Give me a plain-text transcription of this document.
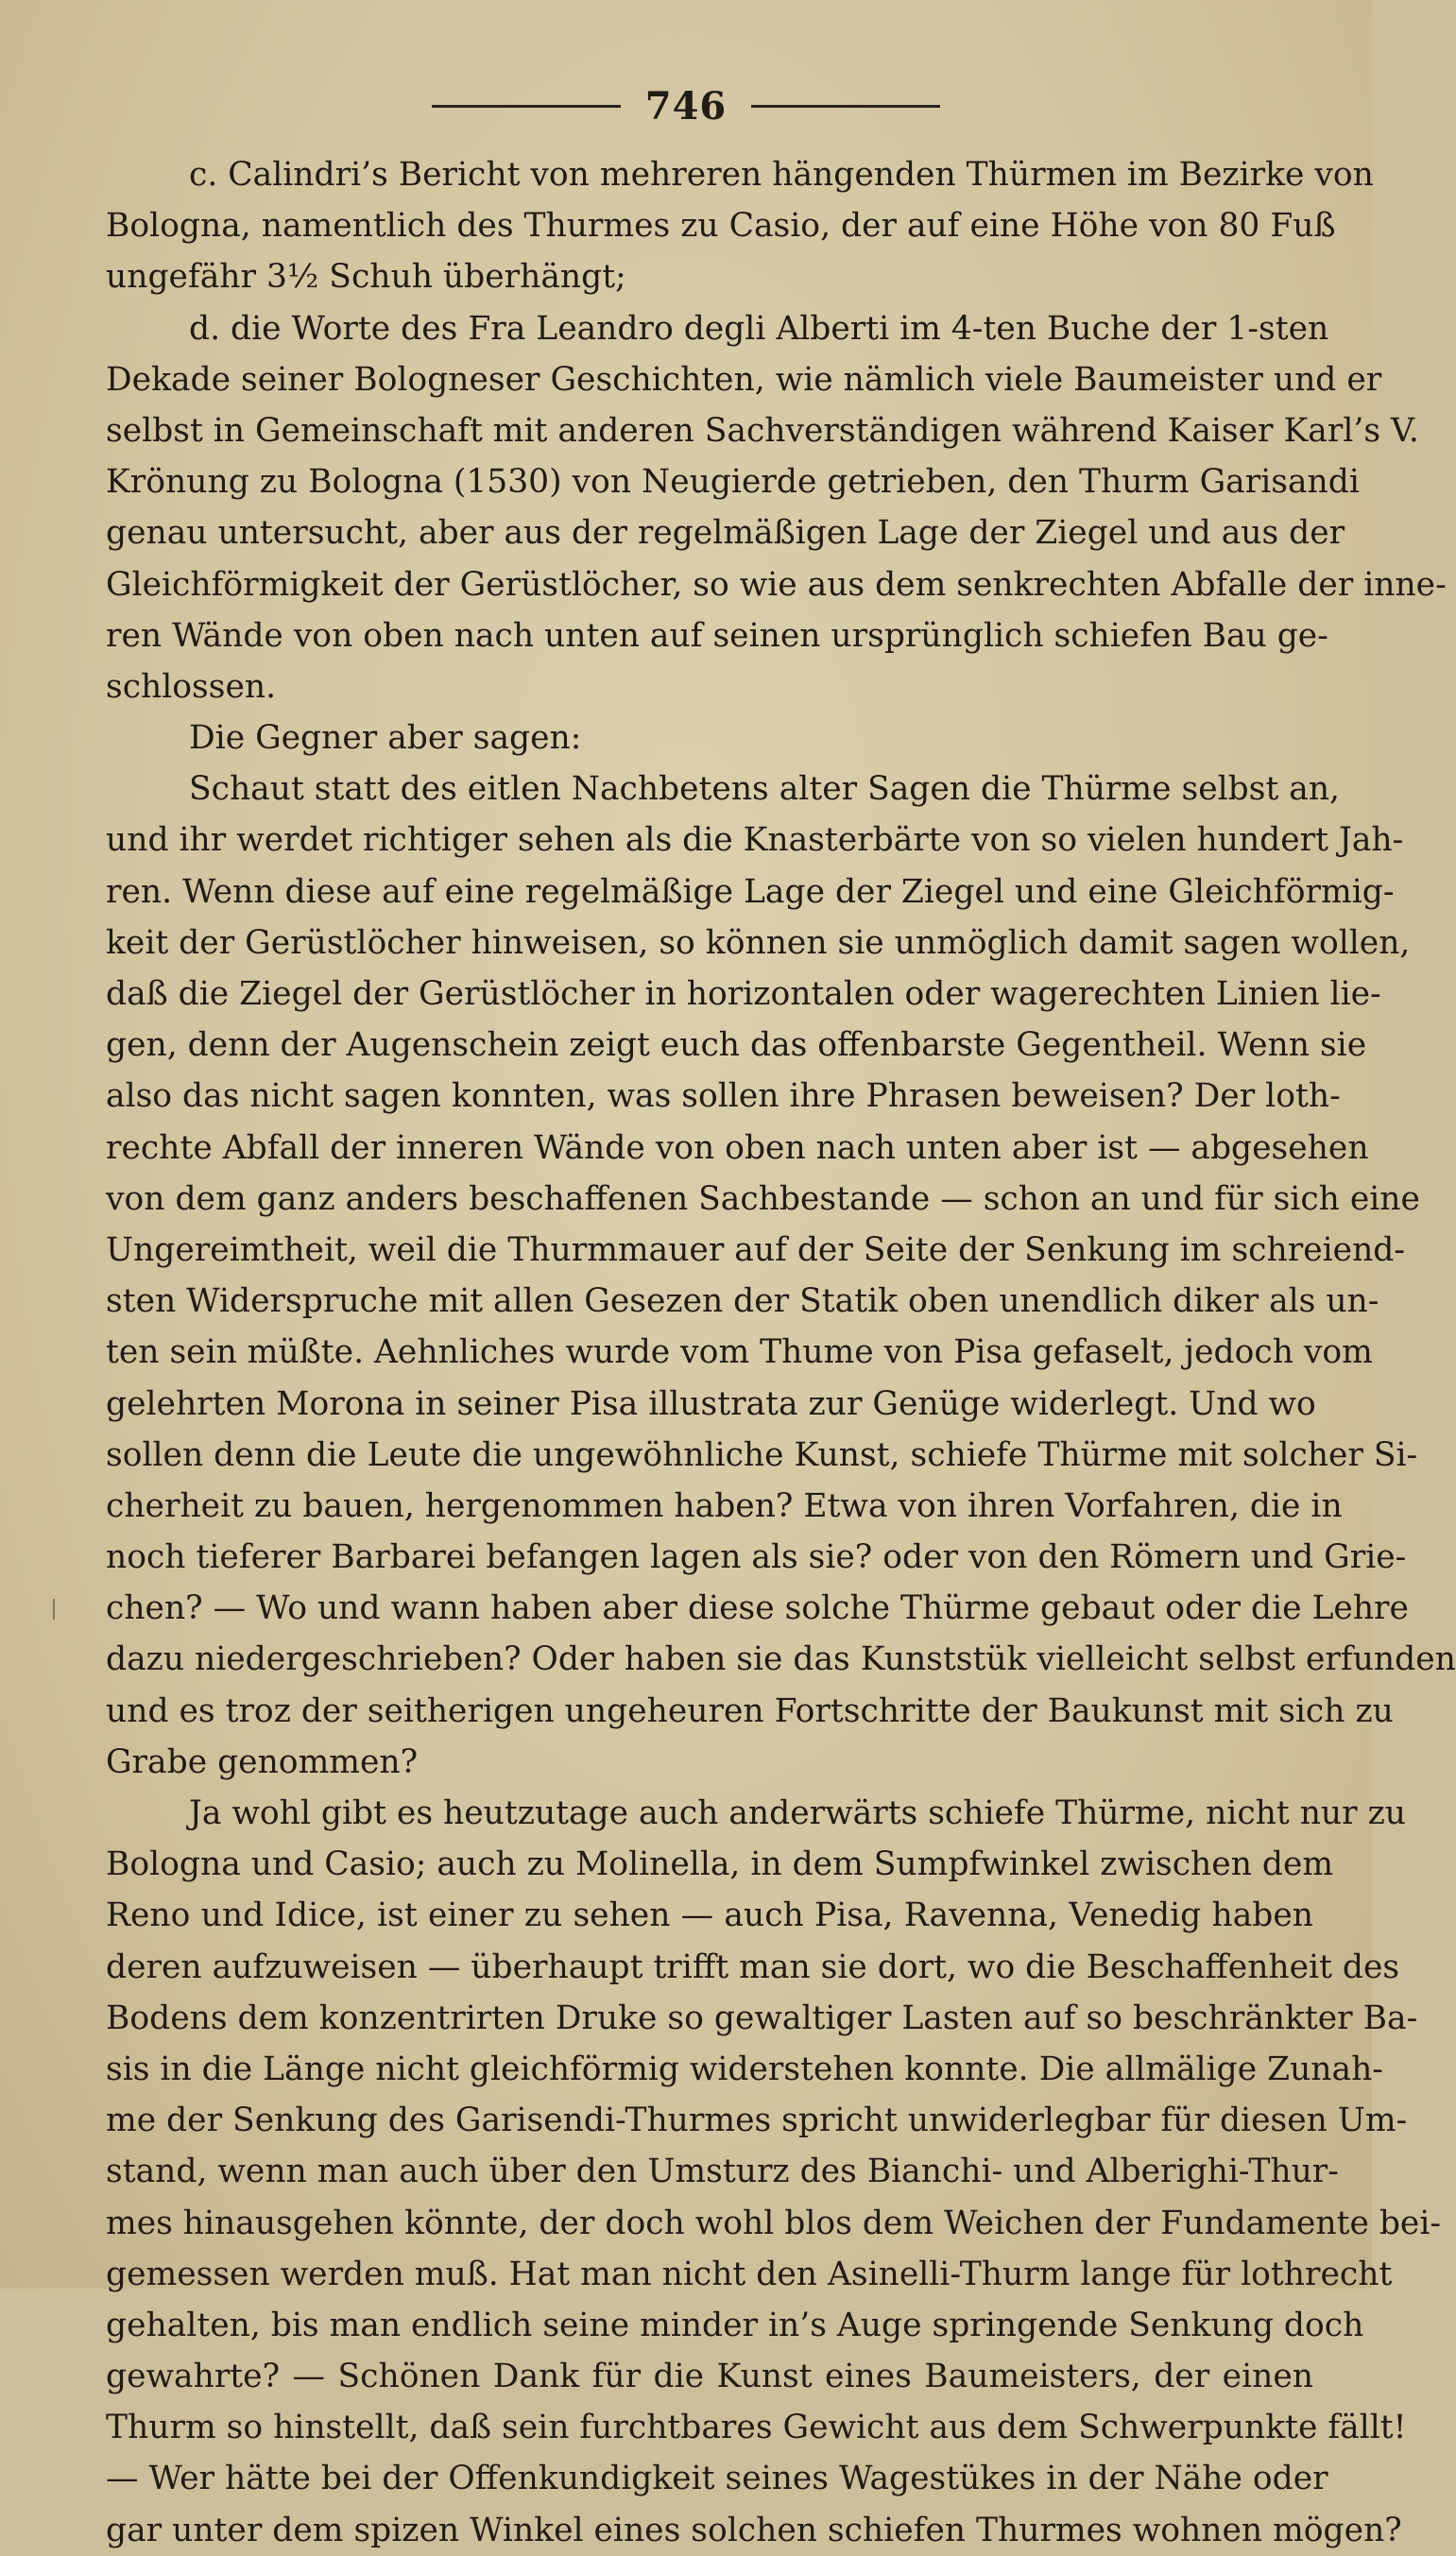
746
c. Calindri’s Bericht von mehreren hängenden Thürmen im Bezirke von
Bologna, namentlich des Thurmes zu Casio, der auf eine Höhe von 80 Fuß
ungefähr 3½ Schuh überhängt;
d. die Worte des Fra Leandro degli Alberti im 4-ten Buche der 1-sten
Dekade seiner Bologneser Geschichten, wie nämlich viele Baumeister und er
selbst in Gemeinschaft mit anderen Sachverständigen während Kaiser Karl’s V.
Krönung zu Bologna (1530) von Neugierde getrieben, den Thurm Garisandi
genau untersucht, aber aus der regelmäßigen Lage der Ziegel und aus der
Gleichförmigkeit der Gerüstlöcher, so wie aus dem senkrechten Abfalle der inne-
ren Wände von oben nach unten auf seinen ursprünglich schiefen Bau ge-
schlossen.
Die Gegner aber sagen:
Schaut statt des eitlen Nachbetens alter Sagen die Thürme selbst an,
und ihr werdet richtiger sehen als die Knasterbärte von so vielen hundert Jah-
ren. Wenn diese auf eine regelmäßige Lage der Ziegel und eine Gleichförmig-
keit der Gerüstlöcher hinweisen, so können sie unmöglich damit sagen wollen,
daß die Ziegel der Gerüstlöcher in horizontalen oder wagerechten Linien lie-
gen, denn der Augenschein zeigt euch das offenbarste Gegentheil. Wenn sie
also das nicht sagen konnten, was sollen ihre Phrasen beweisen? Der loth-
rechte Abfall der inneren Wände von oben nach unten aber ist — abgesehen
von dem ganz anders beschaffenen Sachbestande — schon an und für sich eine
Ungereimtheit, weil die Thurmmauer auf der Seite der Senkung im schreiend-
sten Widerspruche mit allen Gesezen der Statik oben unendlich diker als un-
ten sein müßte. Aehnliches wurde vom Thume von Pisa gefaselt, jedoch vom
gelehrten Morona in seiner Pisa illustrata zur Genüge widerlegt. Und wo
sollen denn die Leute die ungewöhnliche Kunst, schiefe Thürme mit solcher Si-
cherheit zu bauen, hergenommen haben? Etwa von ihren Vorfahren, die in
noch tieferer Barbarei befangen lagen als sie? oder von den Römern und Grie-
chen? — Wo und wann haben aber diese solche Thürme gebaut oder die Lehre
dazu niedergeschrieben? Oder haben sie das Kunststük vielleicht selbst erfunden
und es troz der seitherigen ungeheuren Fortschritte der Baukunst mit sich zu
Grabe genommen?
Ja wohl gibt es heutzutage auch anderwärts schiefe Thürme, nicht nur zu
Bologna und Casio; auch zu Molinella, in dem Sumpfwinkel zwischen dem
Reno und Idice, ist einer zu sehen — auch Pisa, Ravenna, Venedig haben
deren aufzuweisen — überhaupt trifft man sie dort, wo die Beschaffenheit des
Bodens dem konzentrirten Druke so gewaltiger Lasten auf so beschränkter Ba-
sis in die Länge nicht gleichförmig widerstehen konnte. Die allmälige Zunah-
me der Senkung des Garisendi-Thurmes spricht unwiderlegbar für diesen Um-
stand, wenn man auch über den Umsturz des Bianchi- und Alberighi-Thur-
mes hinausgehen könnte, der doch wohl blos dem Weichen der Fundamente bei-
gemessen werden muß. Hat man nicht den Asinelli-Thurm lange für lothrecht
gehalten, bis man endlich seine minder in’s Auge springende Senkung doch
gewahrte? — Schönen Dank für die Kunst eines Baumeisters, der einen
Thurm so hinstellt, daß sein furchtbares Gewicht aus dem Schwerpunkte fällt!
— Wer hätte bei der Offenkundigkeit seines Wagestükes in der Nähe oder
gar unter dem spizen Winkel eines solchen schiefen Thurmes wohnen mögen?
